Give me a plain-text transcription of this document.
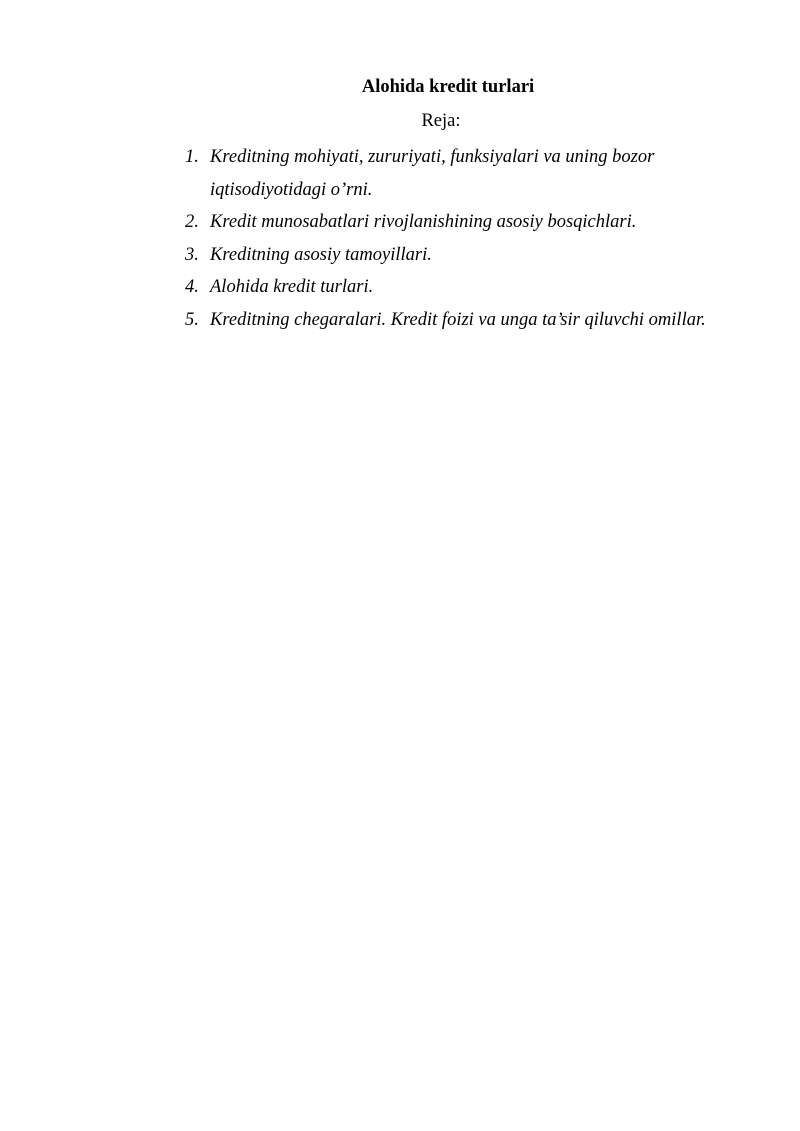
Alohida kredit turlari

Reja:

1. Kreditning mohiyati, zururiyati, funksiyalari va uning bozor iqtisodiyotidagi o’rni.
2. Kredit munosabatlari rivojlanishining asosiy bosqichlari.
3. Kreditning asosiy tamoyillari.
4. Alohida kredit turlari.
5. Kreditning chegaralari. Kredit foizi va unga ta’sir qiluvchi omillar.
